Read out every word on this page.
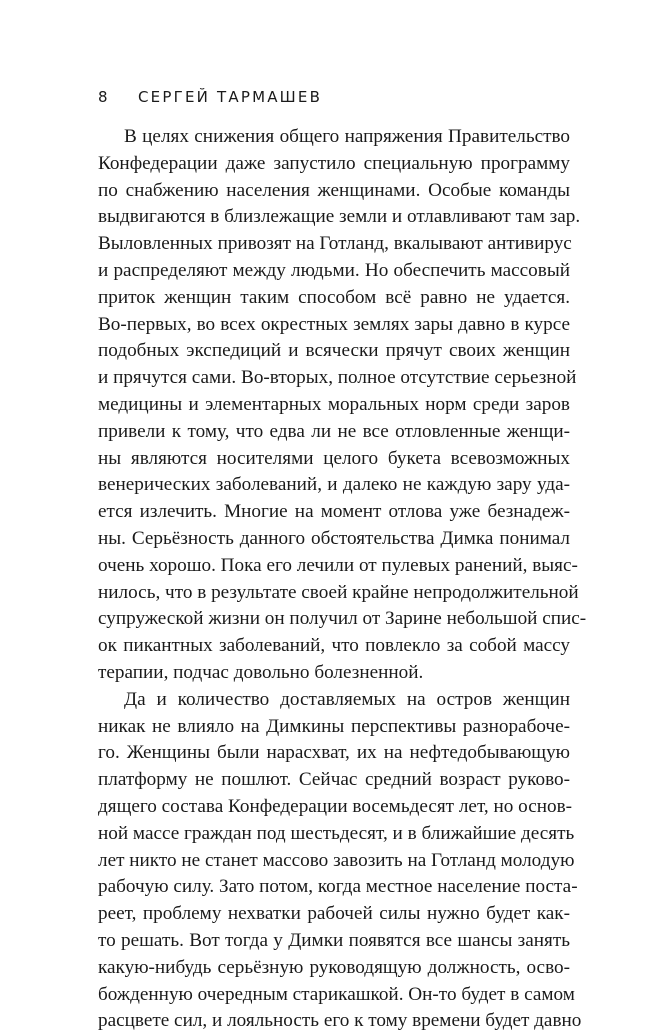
8 СЕРГЕЙ ТАРМАШЕВ
В целях снижения общего напряжения Правительство
Конфедерации даже запустило специальную программу
по снабжению населения женщинами. Особые команды
выдвигаются в близлежащие земли и отлавливают там зар.
Выловленных привозят на Готланд, вкалывают антивирус
и распределяют между людьми. Но обеспечить массовый
приток женщин таким способом всё равно не удается.
Во-первых, во всех окрестных землях зары давно в курсе
подобных экспедиций и всячески прячут своих женщин
и прячутся сами. Во-вторых, полное отсутствие серьезной
медицины и элементарных моральных норм среди заров
привели к тому, что едва ли не все отловленные женщи-
ны являются носителями целого букета всевозможных
венерических заболеваний, и далеко не каждую зару уда-
ется излечить. Многие на момент отлова уже безнадеж-
ны. Серьёзность данного обстоятельства Димка понимал
очень хорошо. Пока его лечили от пулевых ранений, выяс-
нилось, что в результате своей крайне непродолжительной
супружеской жизни он получил от Зарине небольшой спис-
ок пикантных заболеваний, что повлекло за собой массу
терапии, подчас довольно болезненной.
Да и количество доставляемых на остров женщин
никак не влияло на Димкины перспективы разнорабоче-
го. Женщины были нарасхват, их на нефтедобывающую
платформу не пошлют. Сейчас средний возраст руково-
дящего состава Конфедерации восемьдесят лет, но основ-
ной массе граждан под шестьдесят, и в ближайшие десять
лет никто не станет массово завозить на Готланд молодую
рабочую силу. Зато потом, когда местное население поста-
реет, проблему нехватки рабочей силы нужно будет как-
то решать. Вот тогда у Димки появятся все шансы занять
какую-нибудь серьёзную руководящую должность, осво-
божденную очередным старикашкой. Он-то будет в самом
расцвете сил, и лояльность его к тому времени будет давно
